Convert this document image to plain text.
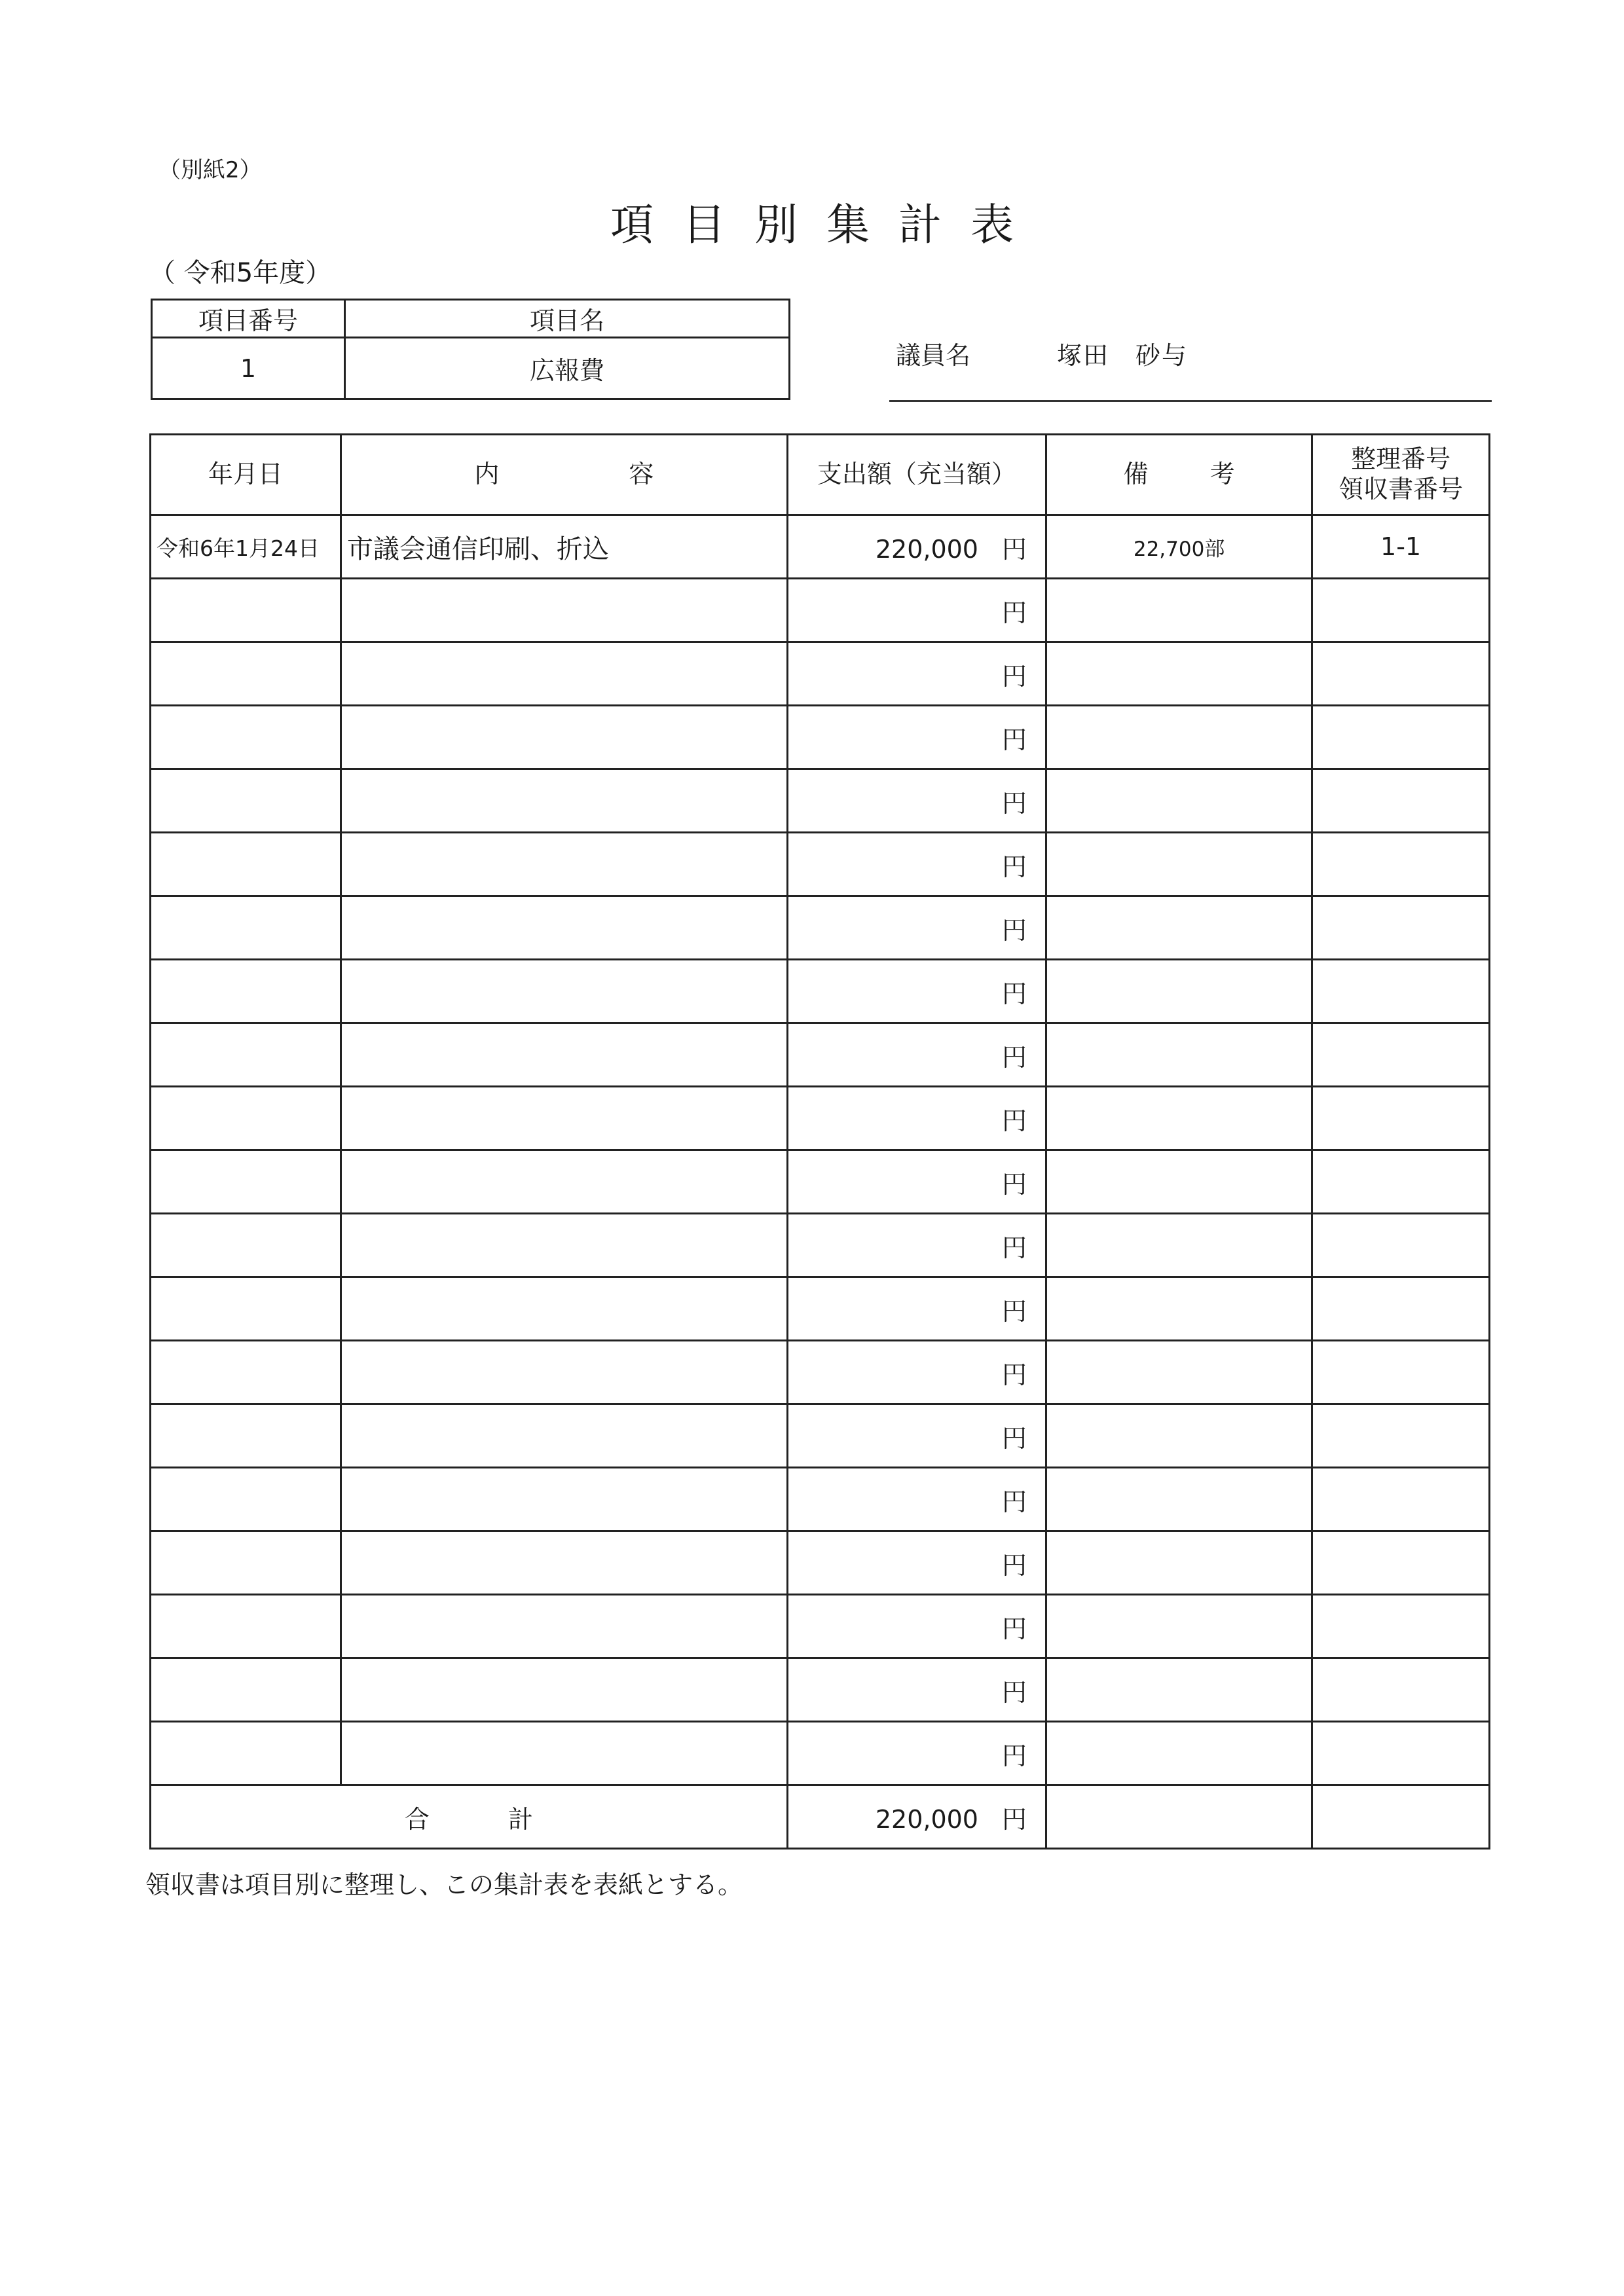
（別紙2）
項目別集計表
（ 令和5年度）
項目番号	項目名
1	広報費
議員名	塚田　砂与
年月日	内　容	支出額（充当額）	備　考	整理番号
領収書番号

令和6年1月24日	市議会通信印刷、折込	220,000 円	22,700部	1-1
		円		
		円		
		円		
		円		
		円		
		円		
		円		
		円		
		円		
		円		
		円		
		円		
		円		
		円		
		円		
		円		
		円		
		円		
		円		
合計		220,000 円		
領収書は項目別に整理し、この集計表を表紙とする。
